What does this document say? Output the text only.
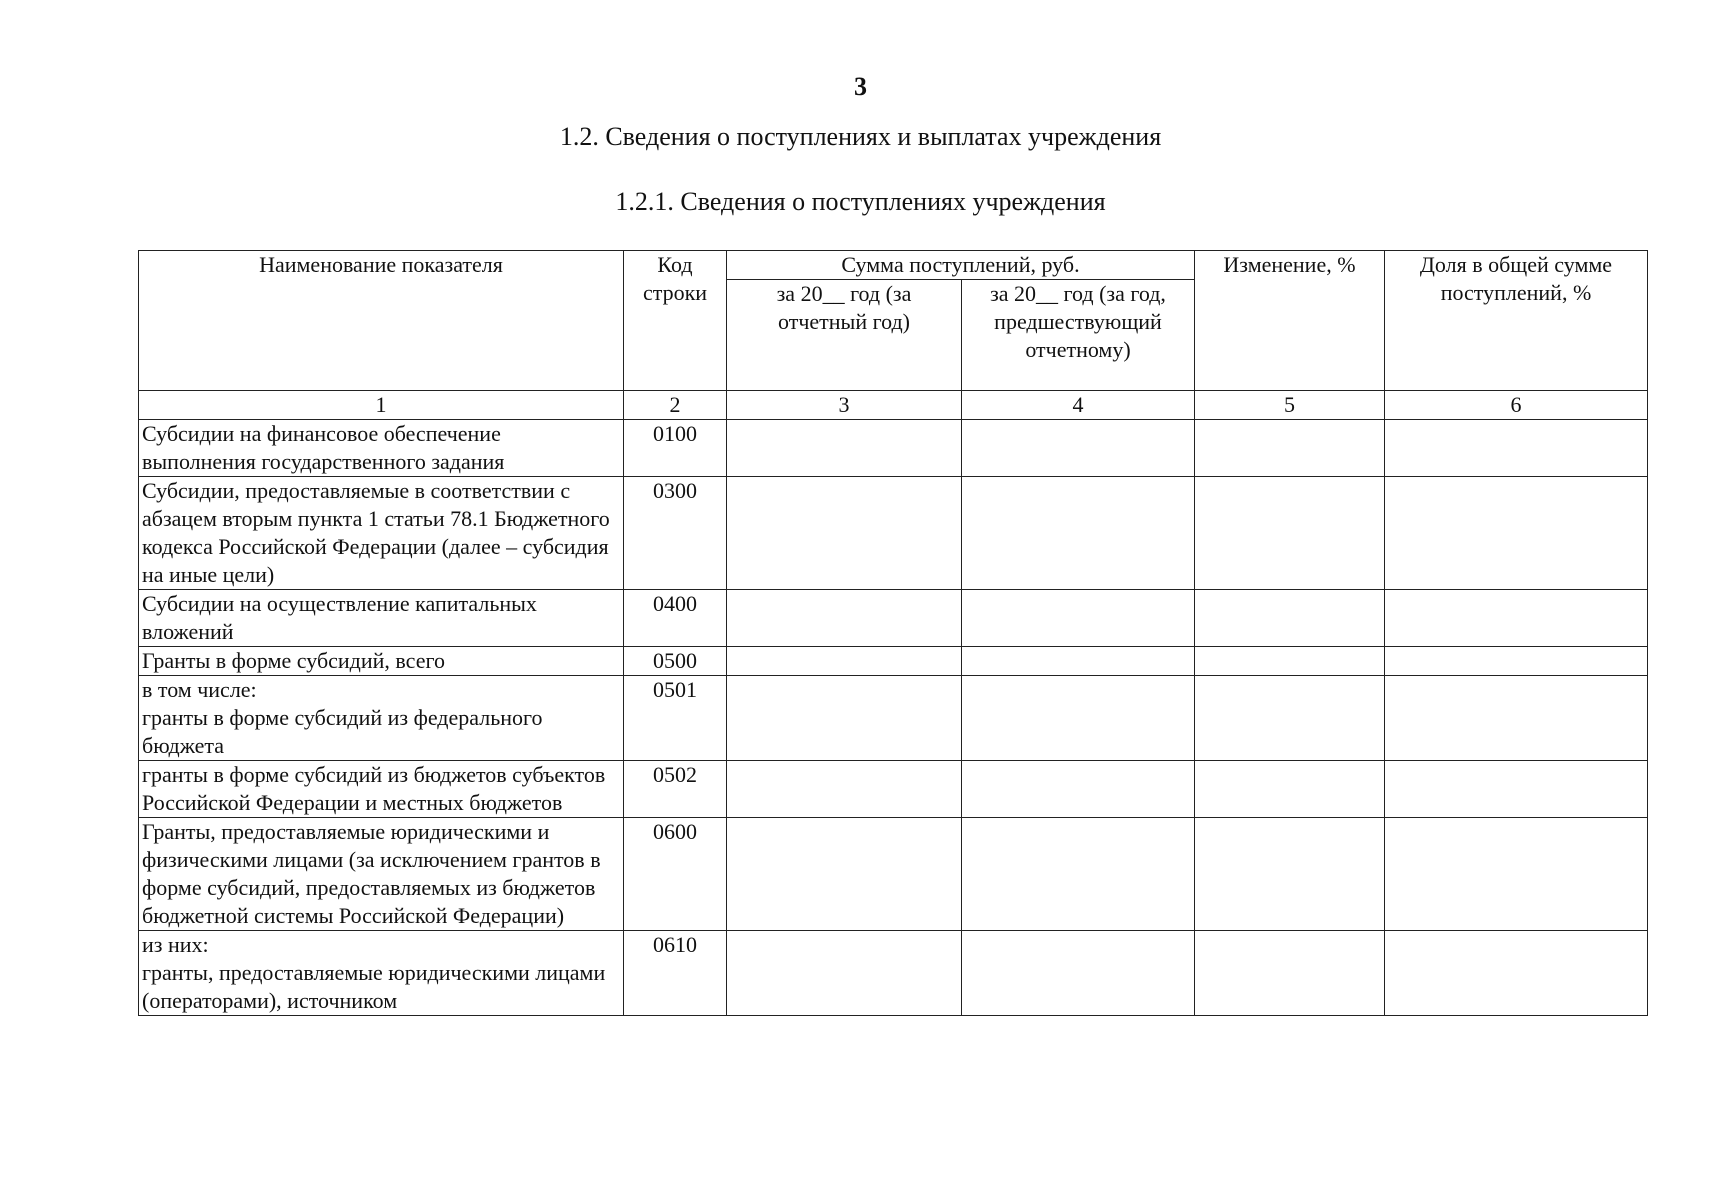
3
1.2. Сведения о поступлениях и выплатах учреждения
1.2.1. Сведения о поступлениях учреждения
Наименование показателя	Код строки	Сумма поступлений, руб.		Изменение, %	Доля в общей сумме поступлений, %
		за 20__ год (за отчетный год)	за 20__ год (за год, предшествующий отчетному)		
1	2	3	4	5	6
Субсидии на финансовое обеспечение выполнения государственного задания	0100				
Субсидии, предоставляемые в соответствии с абзацем вторым пункта 1 статьи 78.1 Бюджетного кодекса Российской Федерации (далее – субсидия на иные цели)	0300				
Субсидии на осуществление капитальных вложений	0400				
Гранты в форме субсидий, всего	0500				
в том числе:
гранты в форме субсидий из федерального бюджета	0501				
гранты в форме субсидий из бюджетов субъектов Российской Федерации и местных бюджетов	0502				
Гранты, предоставляемые юридическими и физическими лицами (за исключением грантов в форме субсидий, предоставляемых из бюджетов бюджетной системы Российской Федерации)	0600				
из них:
гранты, предоставляемые юридическими лицами (операторами), источником	0610				
